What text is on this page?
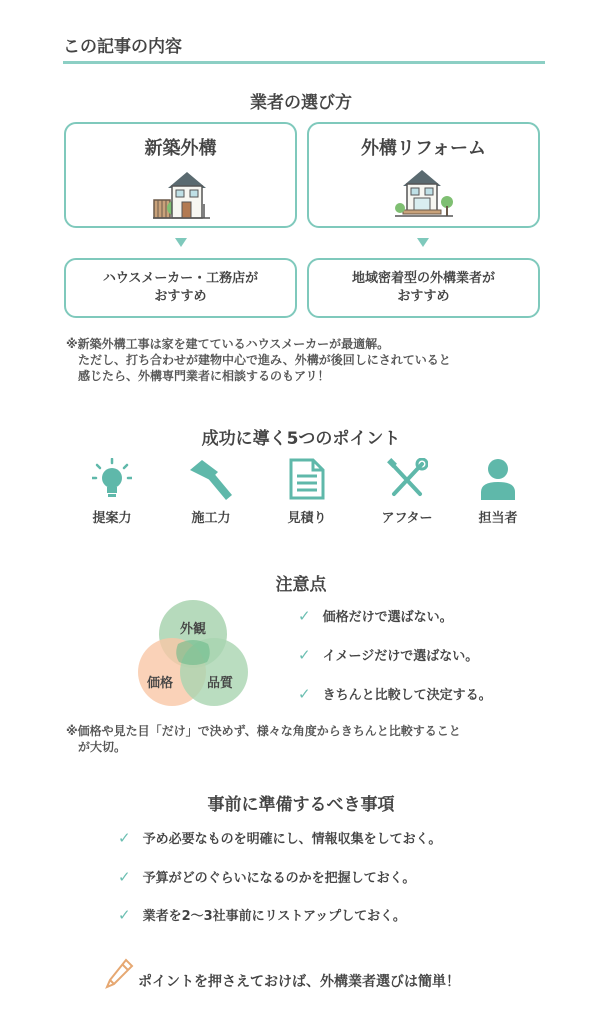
この記事の内容
業者の選び方
新築外構	外構リフォーム
ハウスメーカー・工務店が
おすすめ
地域密着型の外構業者が
おすすめ
※新築外構工事は家を建てているハウスメーカーが最適解。
ただし、打ち合わせが建物中心で進み、外構が後回しにされていると
感じたら、外構専門業者に相談するのもアリ！
成功に導く5つのポイント
提案力	施工力	見積り	アフター	担当者
注意点
外観
価格	品質
✓ 価格だけで選ばない。
✓ イメージだけで選ばない。
✓ きちんと比較して決定する。
※価格や見た目「だけ」で決めず、様々な角度からきちんと比較すること
が大切。
事前に準備するべき事項
✓ 予め必要なものを明確にし、情報収集をしておく。
✓ 予算がどのぐらいになるのかを把握しておく。
✓ 業者を2〜3社事前にリストアップしておく。
ポイントを押さえておけば、外構業者選びは簡単！
